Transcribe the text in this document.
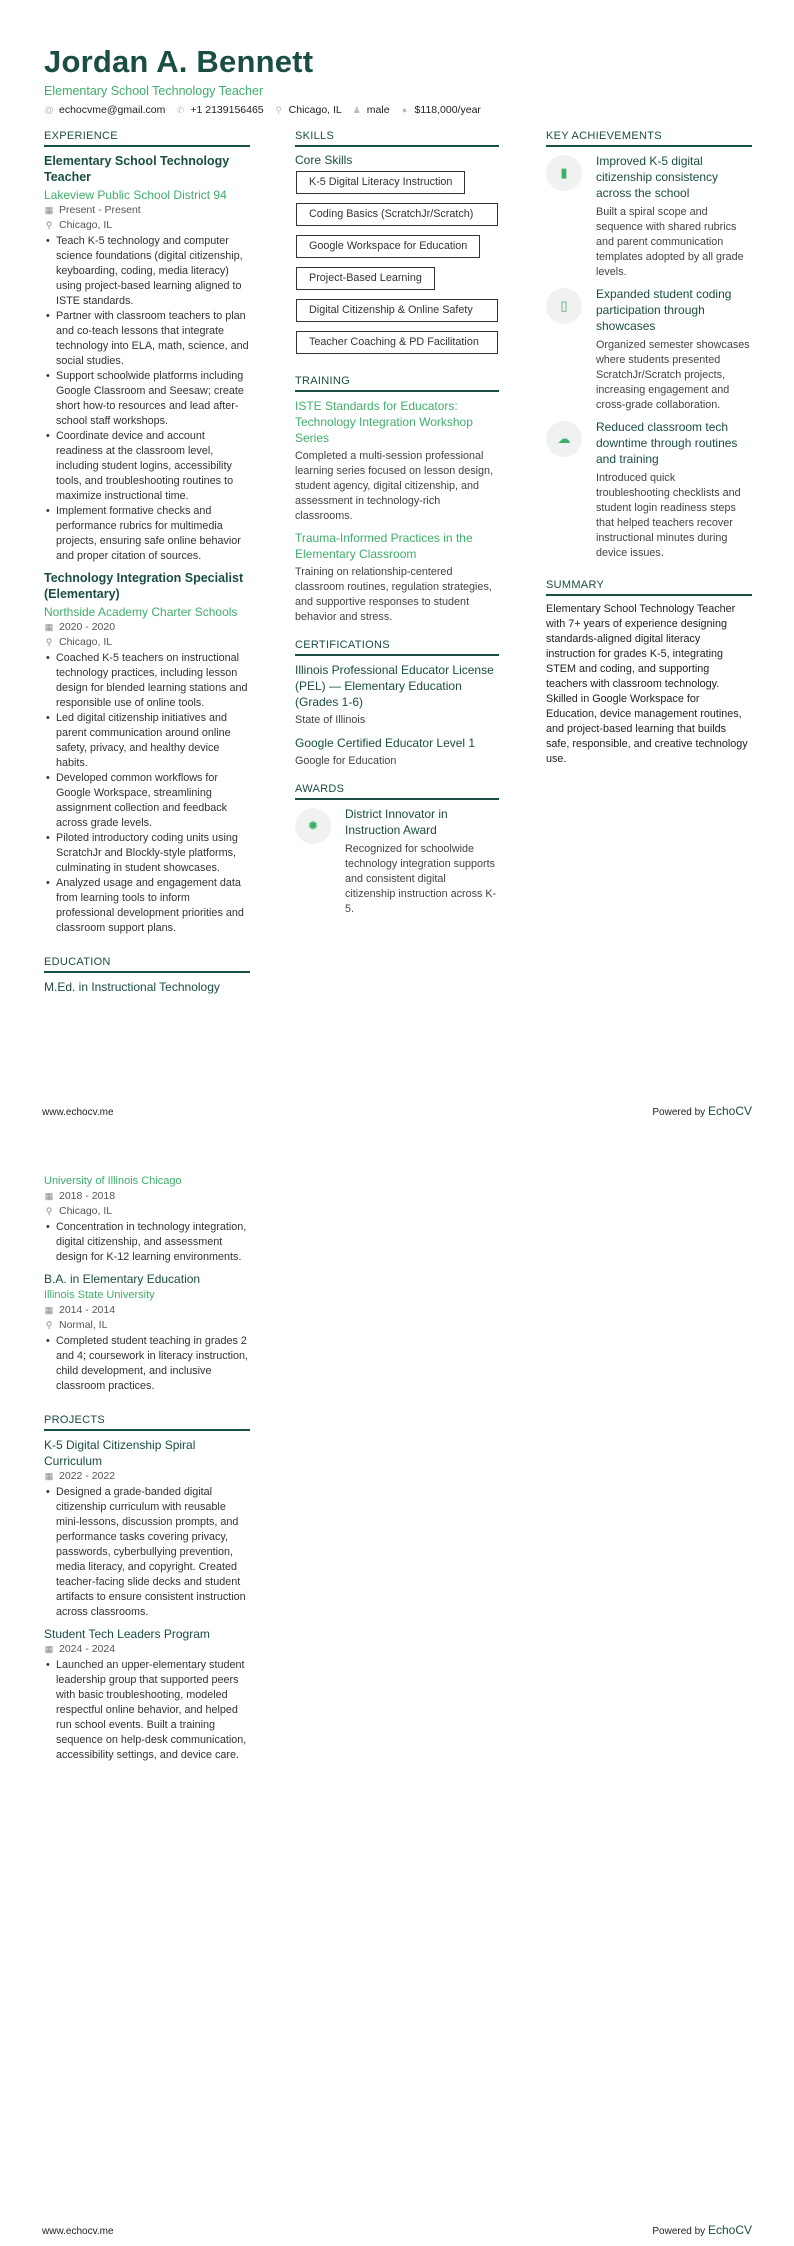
Jordan A. Bennett
Elementary School Technology Teacher
@ echocvme@gmail.com ✆ +1 2139156465 ⚲ Chicago, IL ♟ male ● $118,000/year
EXPERIENCE
Elementary School Technology Teacher
Lakeview Public School District 94
▦ Present - Present
⚲ Chicago, IL
• Teach K-5 technology and computer science foundations (digital citizenship, keyboarding, coding, media literacy) using project-based learning aligned to ISTE standards.
• Partner with classroom teachers to plan and co-teach lessons that integrate technology into ELA, math, science, and social studies.
• Support schoolwide platforms including Google Classroom and Seesaw; create short how-to resources and lead after-school staff workshops.
• Coordinate device and account readiness at the classroom level, including student logins, accessibility tools, and troubleshooting routines to maximize instructional time.
• Implement formative checks and performance rubrics for multimedia projects, ensuring safe online behavior and proper citation of sources.
Technology Integration Specialist (Elementary)
Northside Academy Charter Schools
▦ 2020 - 2020
⚲ Chicago, IL
• Coached K-5 teachers on instructional technology practices, including lesson design for blended learning stations and responsible use of online tools.
• Led digital citizenship initiatives and parent communication around online safety, privacy, and healthy device habits.
• Developed common workflows for Google Workspace, streamlining assignment collection and feedback across grade levels.
• Piloted introductory coding units using ScratchJr and Blockly-style platforms, culminating in student showcases.
• Analyzed usage and engagement data from learning tools to inform professional development priorities and classroom support plans.
EDUCATION
M.Ed. in Instructional Technology
SKILLS
Core Skills
K-5 Digital Literacy Instruction
Coding Basics (ScratchJr/Scratch)
Google Workspace for Education
Project-Based Learning
Digital Citizenship & Online Safety
Teacher Coaching & PD Facilitation
TRAINING
ISTE Standards for Educators: Technology Integration Workshop Series
Completed a multi-session professional learning series focused on lesson design, student agency, digital citizenship, and assessment in technology-rich classrooms.
Trauma-Informed Practices in the Elementary Classroom
Training on relationship-centered classroom routines, regulation strategies, and supportive responses to student behavior and stress.
CERTIFICATIONS
Illinois Professional Educator License (PEL) — Elementary Education (Grades 1-6)
State of Illinois
Google Certified Educator Level 1
Google for Education
AWARDS
✹
District Innovator in Instruction Award
Recognized for schoolwide technology integration supports and consistent digital citizenship instruction across K-5.
KEY ACHIEVEMENTS
▮
Improved K-5 digital citizenship consistency across the school
Built a spiral scope and sequence with shared rubrics and parent communication templates adopted by all grade levels.
▯
Expanded student coding participation through showcases
Organized semester showcases where students presented ScratchJr/Scratch projects, increasing engagement and cross-grade collaboration.
☁
Reduced classroom tech downtime through routines and training
Introduced quick troubleshooting checklists and student login readiness steps that helped teachers recover instructional minutes during device issues.
SUMMARY
Elementary School Technology Teacher with 7+ years of experience designing standards-aligned digital literacy instruction for grades K-5, integrating STEM and coding, and supporting teachers with classroom technology. Skilled in Google Workspace for Education, device management routines, and project-based learning that builds safe, responsible, and creative technology use.
www.echocv.me	Powered by EchoCV
University of Illinois Chicago
▦ 2018 - 2018
⚲ Chicago, IL
• Concentration in technology integration, digital citizenship, and assessment design for K-12 learning environments.
B.A. in Elementary Education
Illinois State University
▦ 2014 - 2014
⚲ Normal, IL
• Completed student teaching in grades 2 and 4; coursework in literacy instruction, child development, and inclusive classroom practices.
PROJECTS
K-5 Digital Citizenship Spiral Curriculum
▦ 2022 - 2022
• Designed a grade-banded digital citizenship curriculum with reusable mini-lessons, discussion prompts, and performance tasks covering privacy, passwords, cyberbullying prevention, media literacy, and copyright. Created teacher-facing slide decks and student artifacts to ensure consistent instruction across classrooms.
Student Tech Leaders Program
▦ 2024 - 2024
• Launched an upper-elementary student leadership group that supported peers with basic troubleshooting, modeled respectful online behavior, and helped run school events. Built a training sequence on help-desk communication, accessibility settings, and device care.
www.echocv.me	Powered by EchoCV
